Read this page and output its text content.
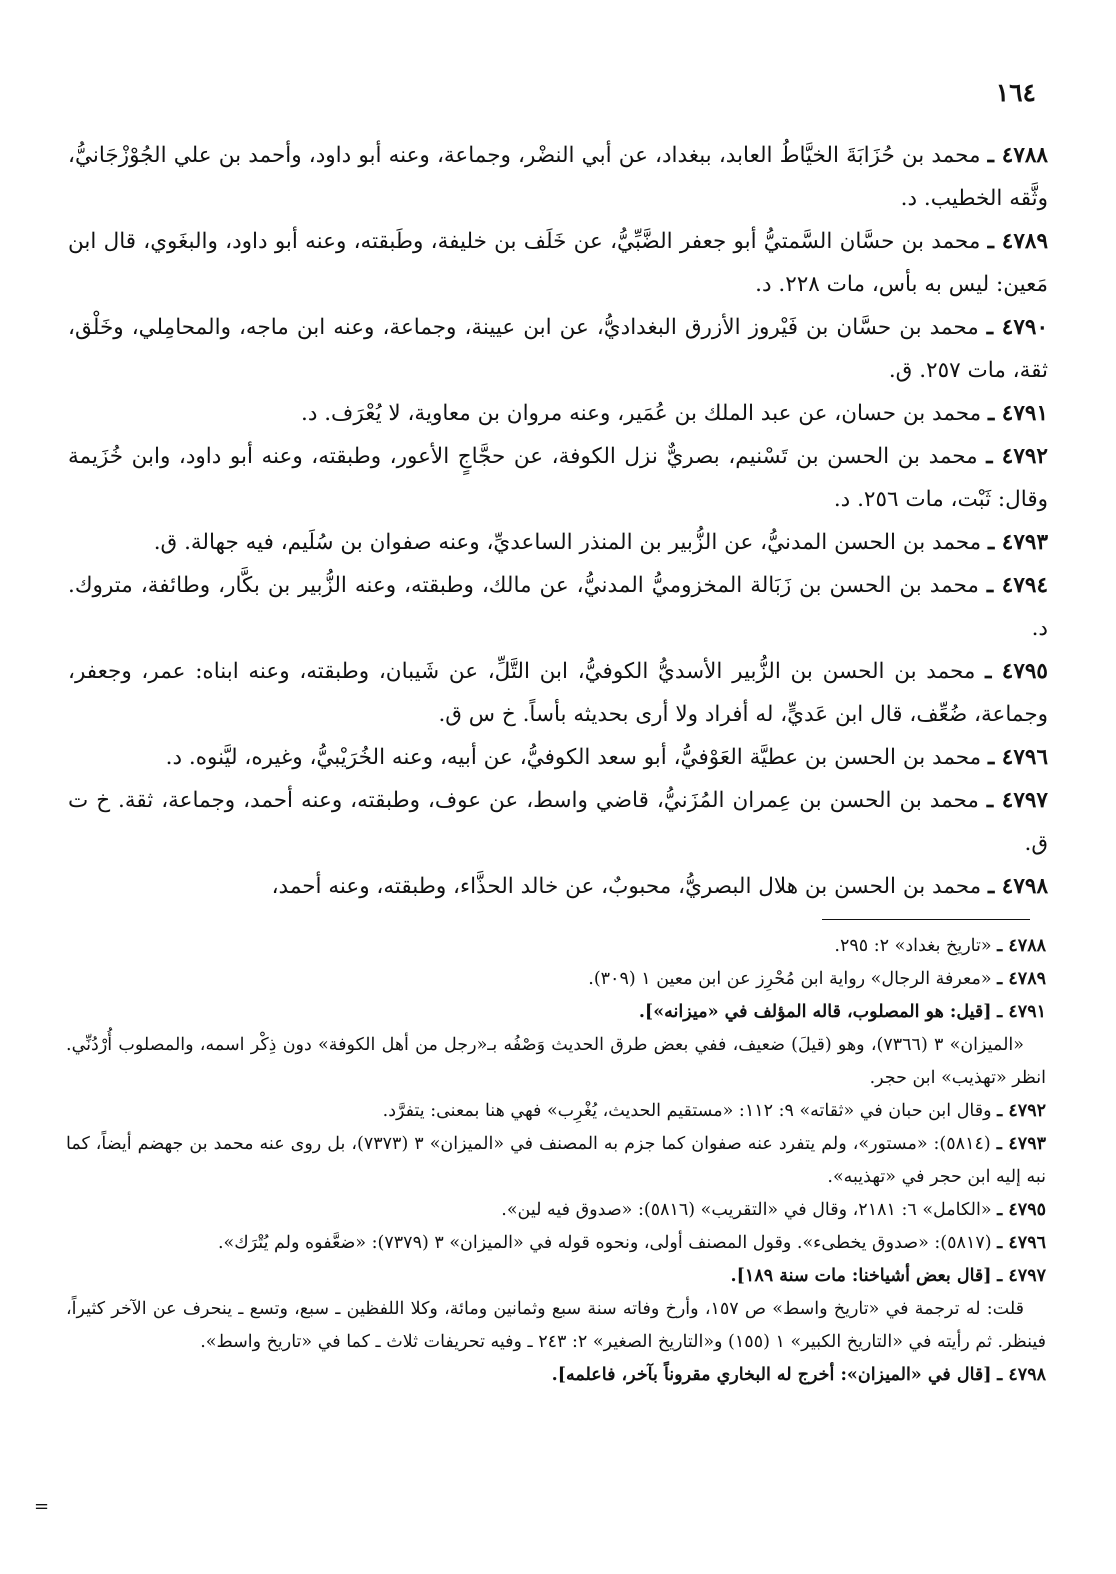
١٦٤
٤٧٨٨ ـ محمد بن حُزَابَةَ الخيَّاطُ العابد، ببغداد، عن أبي النضْر، وجماعة، وعنه أبو داود، وأحمد بن علي الجُوْزْجَانيُّ، وثَّقه الخطيب. د.
٤٧٨٩ ـ محمد بن حسَّان السَّمتيُّ أبو جعفر الضَّبِّيُّ، عن خَلَف بن خليفة، وطَبقته، وعنه أبو داود، والبغَوي، قال ابن مَعين: ليس به بأس، مات ٢٢٨. د.
٤٧٩٠ ـ محمد بن حسَّان بن فَيْروز الأزرق البغداديُّ، عن ابن عيينة، وجماعة، وعنه ابن ماجه، والمحامِلي، وخَلْق، ثقة، مات ٢٥٧. ق.
٤٧٩١ ـ محمد بن حسان، عن عبد الملك بن عُمَير، وعنه مروان بن معاوية، لا يُعْرَف. د.
٤٧٩٢ ـ محمد بن الحسن بن تَسْنيم، بصريٌّ نزل الكوفة، عن حجَّاجٍ الأعور، وطبقته، وعنه أبو داود، وابن خُزَيمة وقال: ثَبْت، مات ٢٥٦. د.
٤٧٩٣ ـ محمد بن الحسن المدنيُّ، عن الزُّبير بن المنذر الساعديِّ، وعنه صفوان بن سُلَيم، فيه جهالة. ق.
٤٧٩٤ ـ محمد بن الحسن بن زَبَالة المخزوميُّ المدنيُّ، عن مالك، وطبقته، وعنه الزُّبير بن بكَّار، وطائفة، متروك. د.
٤٧٩٥ ـ محمد بن الحسن بن الزُّبير الأسديُّ الكوفيُّ، ابن التَّلِّ، عن شَيبان، وطبقته، وعنه ابناه: عمر، وجعفر، وجماعة، ضُعِّف، قال ابن عَديٍّ، له أفراد ولا أرى بحديثه بأساً. خ س ق.
٤٧٩٦ ـ محمد بن الحسن بن عطيَّة العَوْفيُّ، أبو سعد الكوفيُّ، عن أبيه، وعنه الخُرَيْبيُّ، وغيره، ليَّنوه. د.
٤٧٩٧ ـ محمد بن الحسن بن عِمران المُزَنيُّ، قاضي واسط، عن عوف، وطبقته، وعنه أحمد، وجماعة، ثقة. خ ت ق.
٤٧٩٨ ـ محمد بن الحسن بن هلال البصريُّ، محبوبٌ، عن خالد الحذَّاء، وطبقته، وعنه أحمد،
٤٧٨٨ ـ «تاريخ بغداد» ٢: ٢٩٥.
٤٧٨٩ ـ «معرفة الرجال» رواية ابن مُحْرِز عن ابن معين ١ (٣٠٩).
٤٧٩١ ـ [قيل: هو المصلوب، قاله المؤلف في «ميزانه»].
«الميزان» ٣ (٧٣٦٦)، وهو (قيلَ) ضعيف، ففي بعض طرق الحديث وَصْفُه بـ«رجل من أهل الكوفة» دون ذِكْر اسمه، والمصلوب أُرْدُنِّي. انظر «تهذيب» ابن حجر.
٤٧٩٢ ـ وقال ابن حبان في «ثقاته» ٩: ١١٢: «مستقيم الحديث، يُغْرِب» فهي هنا بمعنى: يتفرَّد.
٤٧٩٣ ـ (٥٨١٤): «مستور»، ولم يتفرد عنه صفوان كما جزم به المصنف في «الميزان» ٣ (٧٣٧٣)، بل روى عنه محمد بن جهضم أيضاً، كما نبه إليه ابن حجر في «تهذيبه».
٤٧٩٥ ـ «الكامل» ٦: ٢١٨١، وقال في «التقريب» (٥٨١٦): «صدوق فيه لين».
٤٧٩٦ ـ (٥٨١٧): «صدوق يخطىء». وقول المصنف أولى، ونحوه قوله في «الميزان» ٣ (٧٣٧٩): «ضعَّفوه ولم يُتْرَك».
٤٧٩٧ ـ [قال بعض أشياخنا: مات سنة ١٨٩].
قلت: له ترجمة في «تاريخ واسط» ص ١٥٧، وأرخ وفاته سنة سبع وثمانين ومائة، وكلا اللفظين ـ سبع، وتسع ـ ينحرف عن الآخر كثيراً، فينظر. ثم رأيته في «التاريخ الكبير» ١ (١٥٥) و«التاريخ الصغير» ٢: ٢٤٣ ـ وفيه تحريفات ثلاث ـ كما في «تاريخ واسط».
٤٧٩٨ ـ [قال في «الميزان»: أخرج له البخاري مقروناً بآخر، فاعلمه].
=
